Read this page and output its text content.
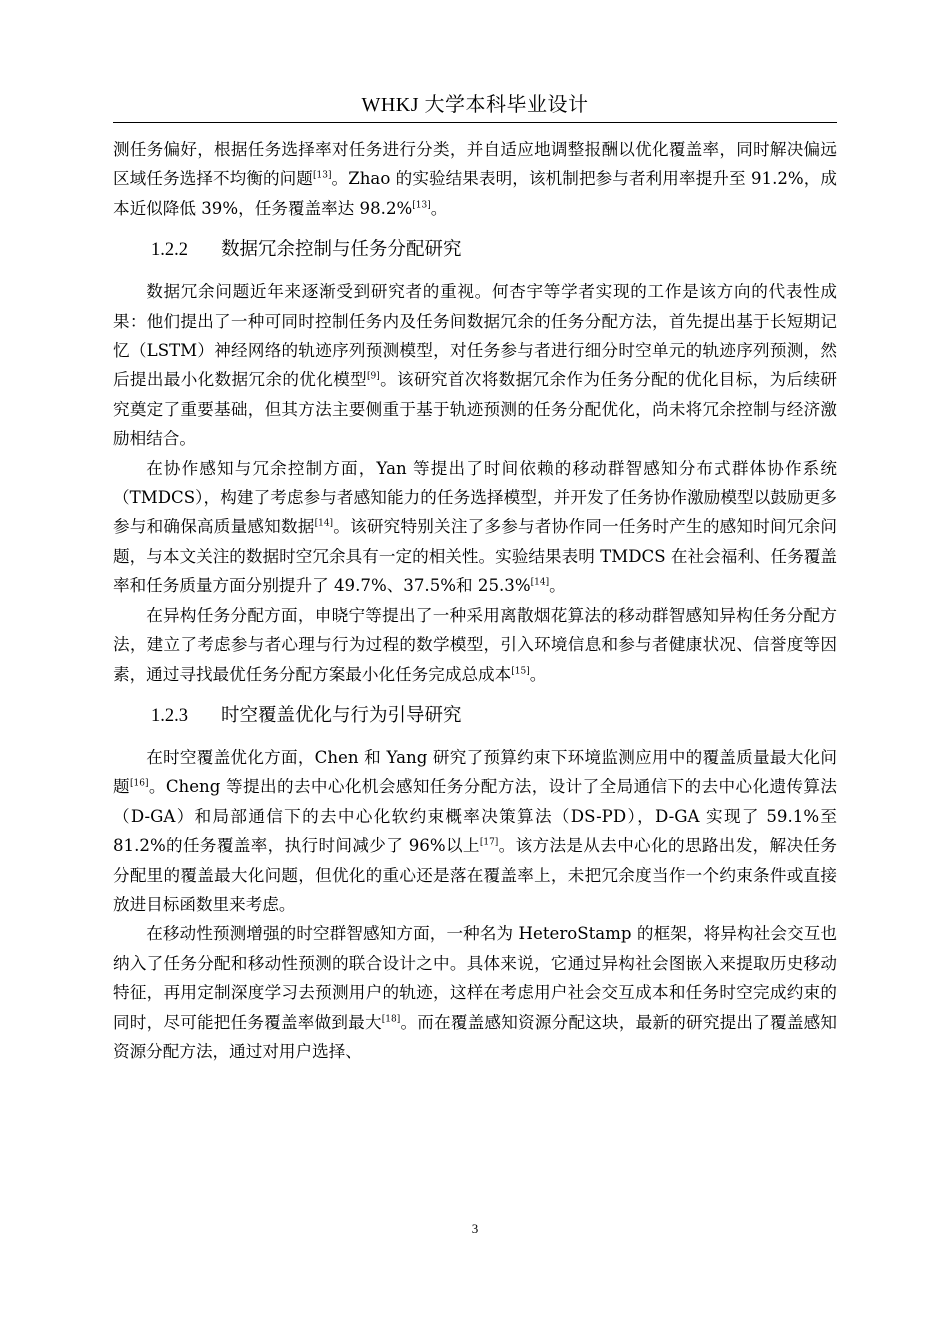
WHKJ 大学本科毕业设计

测任务偏好，根据任务选择率对任务进行分类，并自适应地调整报酬以优化覆盖率，同时解决偏远区域任务选择不均衡的问题[13]。Zhao 的实验结果表明，该机制把参与者利用率提升至 91.2%，成本近似降低 39%，任务覆盖率达 98.2%[13]。

1.2.2 数据冗余控制与任务分配研究

数据冗余问题近年来逐渐受到研究者的重视。何杏宇等学者实现的工作是该方向的代表性成果：他们提出了一种可同时控制任务内及任务间数据冗余的任务分配方法，首先提出基于长短期记忆（LSTM）神经网络的轨迹序列预测模型，对任务参与者进行细分时空单元的轨迹序列预测，然后提出最小化数据冗余的优化模型[9]。该研究首次将数据冗余作为任务分配的优化目标，为后续研究奠定了重要基础，但其方法主要侧重于基于轨迹预测的任务分配优化，尚未将冗余控制与经济激励相结合。

在协作感知与冗余控制方面，Yan 等提出了时间依赖的移动群智感知分布式群体协作系统（TMDCS），构建了考虑参与者感知能力的任务选择模型，并开发了任务协作激励模型以鼓励更多参与和确保高质量感知数据[14]。该研究特别关注了多参与者协作同一任务时产生的感知时间冗余问题，与本文关注的数据时空冗余具有一定的相关性。实验结果表明 TMDCS 在社会福利、任务覆盖率和任务质量方面分别提升了 49.7%、37.5%和 25.3%[14]。

在异构任务分配方面，申晓宁等提出了一种采用离散烟花算法的移动群智感知异构任务分配方法，建立了考虑参与者心理与行为过程的数学模型，引入环境信息和参与者健康状况、信誉度等因素，通过寻找最优任务分配方案最小化任务完成总成本[15]。

1.2.3 时空覆盖优化与行为引导研究

在时空覆盖优化方面，Chen 和 Yang 研究了预算约束下环境监测应用中的覆盖质量最大化问题[16]。Cheng 等提出的去中心化机会感知任务分配方法，设计了全局通信下的去中心化遗传算法（D-GA）和局部通信下的去中心化软约束概率决策算法（DS-PD），D-GA 实现了 59.1%至 81.2%的任务覆盖率，执行时间减少了 96%以上[17]。该方法是从去中心化的思路出发，解决任务分配里的覆盖最大化问题，但优化的重心还是落在覆盖率上，未把冗余度当作一个约束条件或直接放进目标函数里来考虑。

在移动性预测增强的时空群智感知方面，一种名为 HeteroStamp 的框架，将异构社会交互也纳入了任务分配和移动性预测的联合设计之中。具体来说，它通过异构社会图嵌入来提取历史移动特征，再用定制深度学习去预测用户的轨迹，这样在考虑用户社会交互成本和任务时空完成约束的同时，尽可能把任务覆盖率做到最大[18]。而在覆盖感知资源分配这块，最新的研究提出了覆盖感知资源分配方法，通过对用户选择、

3
